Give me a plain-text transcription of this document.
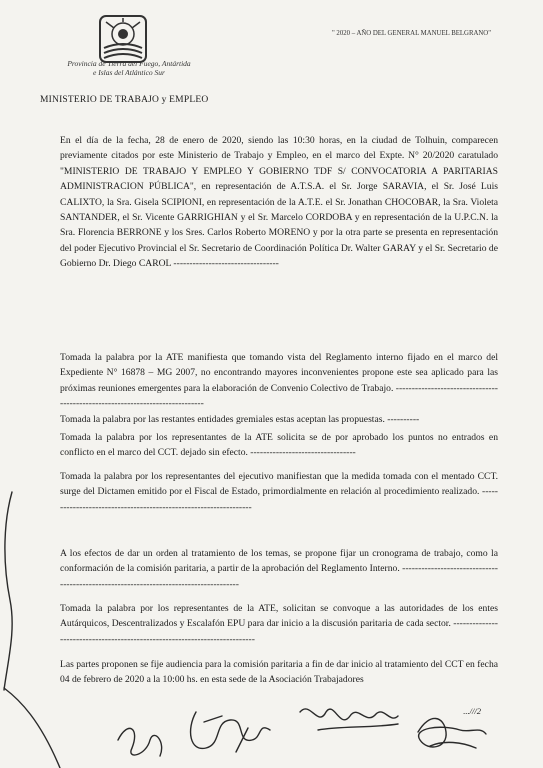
Provincia de Tierra del Fuego, Antártida
e Islas del Atlántico Sur
MINISTERIO DE TRABAJO y EMPLEO
" 2020 – AÑO DEL GENERAL MANUEL BELGRANO"
En el día de la fecha, 28 de enero de 2020, siendo las 10:30 horas, en la ciudad de Tolhuin, comparecen previamente citados por este Ministerio de Trabajo y Empleo, en el marco del Expte. N° 20/2020 caratulado "MINISTERIO DE TRABAJO Y EMPLEO Y GOBIERNO TDF S/ CONVOCATORIA A PARITARIAS ADMINISTRACION PÚBLICA", en representación de A.T.S.A. el Sr. Jorge SARAVIA, el Sr. José Luis CALIXTO, la Sra. Gisela SCIPIONI, en representación de la A.T.E. el Sr. Jonathan CHOCOBAR, la Sra. Violeta SANTANDER, el Sr. Vicente GARRIGHIAN y el Sr. Marcelo CORDOBA y en representación de la U.P.C.N. la Sra. Florencia BERRONE y los Sres. Carlos Roberto MORENO y por la otra parte se presenta en representación del poder Ejecutivo Provincial el Sr. Secretario de Coordinación Política Dr. Walter GARAY y el Sr. Secretario de Gobierno Dr. Diego CAROL ---------------------------------
Tomada la palabra por la ATE manifiesta que tomando vista del Reglamento interno fijado en el marco del Expediente N° 16878 – MG 2007, no encontrando mayores inconvenientes propone este sea aplicado para las próximas reuniones emergentes para la elaboración de Convenio Colectivo de Trabajo. -----------------------------------------------------------------------------
Tomada la palabra por las restantes entidades gremiales estas aceptan las propuestas. ----------
Tomada la palabra por los representantes de la ATE solicita se de por aprobado los puntos no entrados en conflicto en el marco del CCT. dejado sin efecto. ---------------------------------
Tomada la palabra por los representantes del ejecutivo manifiestan que la medida tomada con el mentado CCT. surge del Dictamen emitido por el Fiscal de Estado, primordialmente en relación al procedimiento realizado. -----------------------------------------------------------------
A los efectos de dar un orden al tratamiento de los temas, se propone fijar un cronograma de trabajo, como la conformación de la comisión paritaria, a partir de la aprobación del Reglamento Interno. --------------------------------------------------------------------------------------
Tomada la palabra por los representantes de la ATE, solicitan se convoque a las autoridades de los entes Autárquicos, Descentralizados y Escalafón EPU para dar inicio a la discusión paritaria de cada sector. ---------------------------------------------------------------------------
Las partes proponen se fije audiencia para la comisión paritaria a fin de dar inicio al tratamiento del CCT en fecha 04 de febrero de 2020 a la 10:00 hs. en esta sede de la Asociación Trabajadores
...///2
